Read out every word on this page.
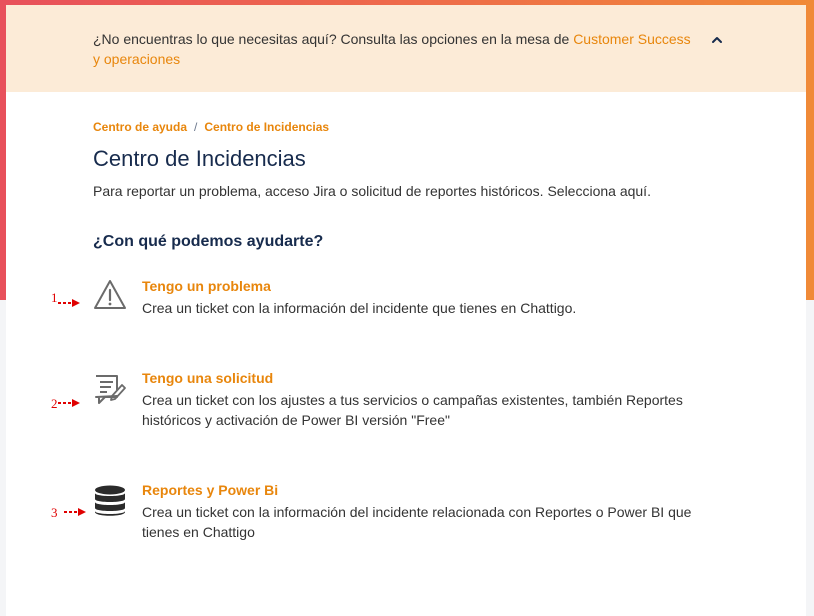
¿No encuentras lo que necesitas aquí? Consulta las opciones en la mesa de Customer Success y operaciones
Centro de ayuda / Centro de Incidencias
Centro de Incidencias
Para reportar un problema, acceso Jira o solicitud de reportes históricos. Selecciona aquí.
¿Con qué podemos ayudarte?
Tengo un problema
Crea un ticket con la información del incidente que tienes en Chattigo.
Tengo una solicitud
Crea un ticket con los ajustes a tus servicios o campañas existentes, también Reportes históricos y activación de Power BI versión "Free"
Reportes y Power Bi
Crea un ticket con la información del incidente relacionada con Reportes o Power BI que tienes en Chattigo
1
2
3
